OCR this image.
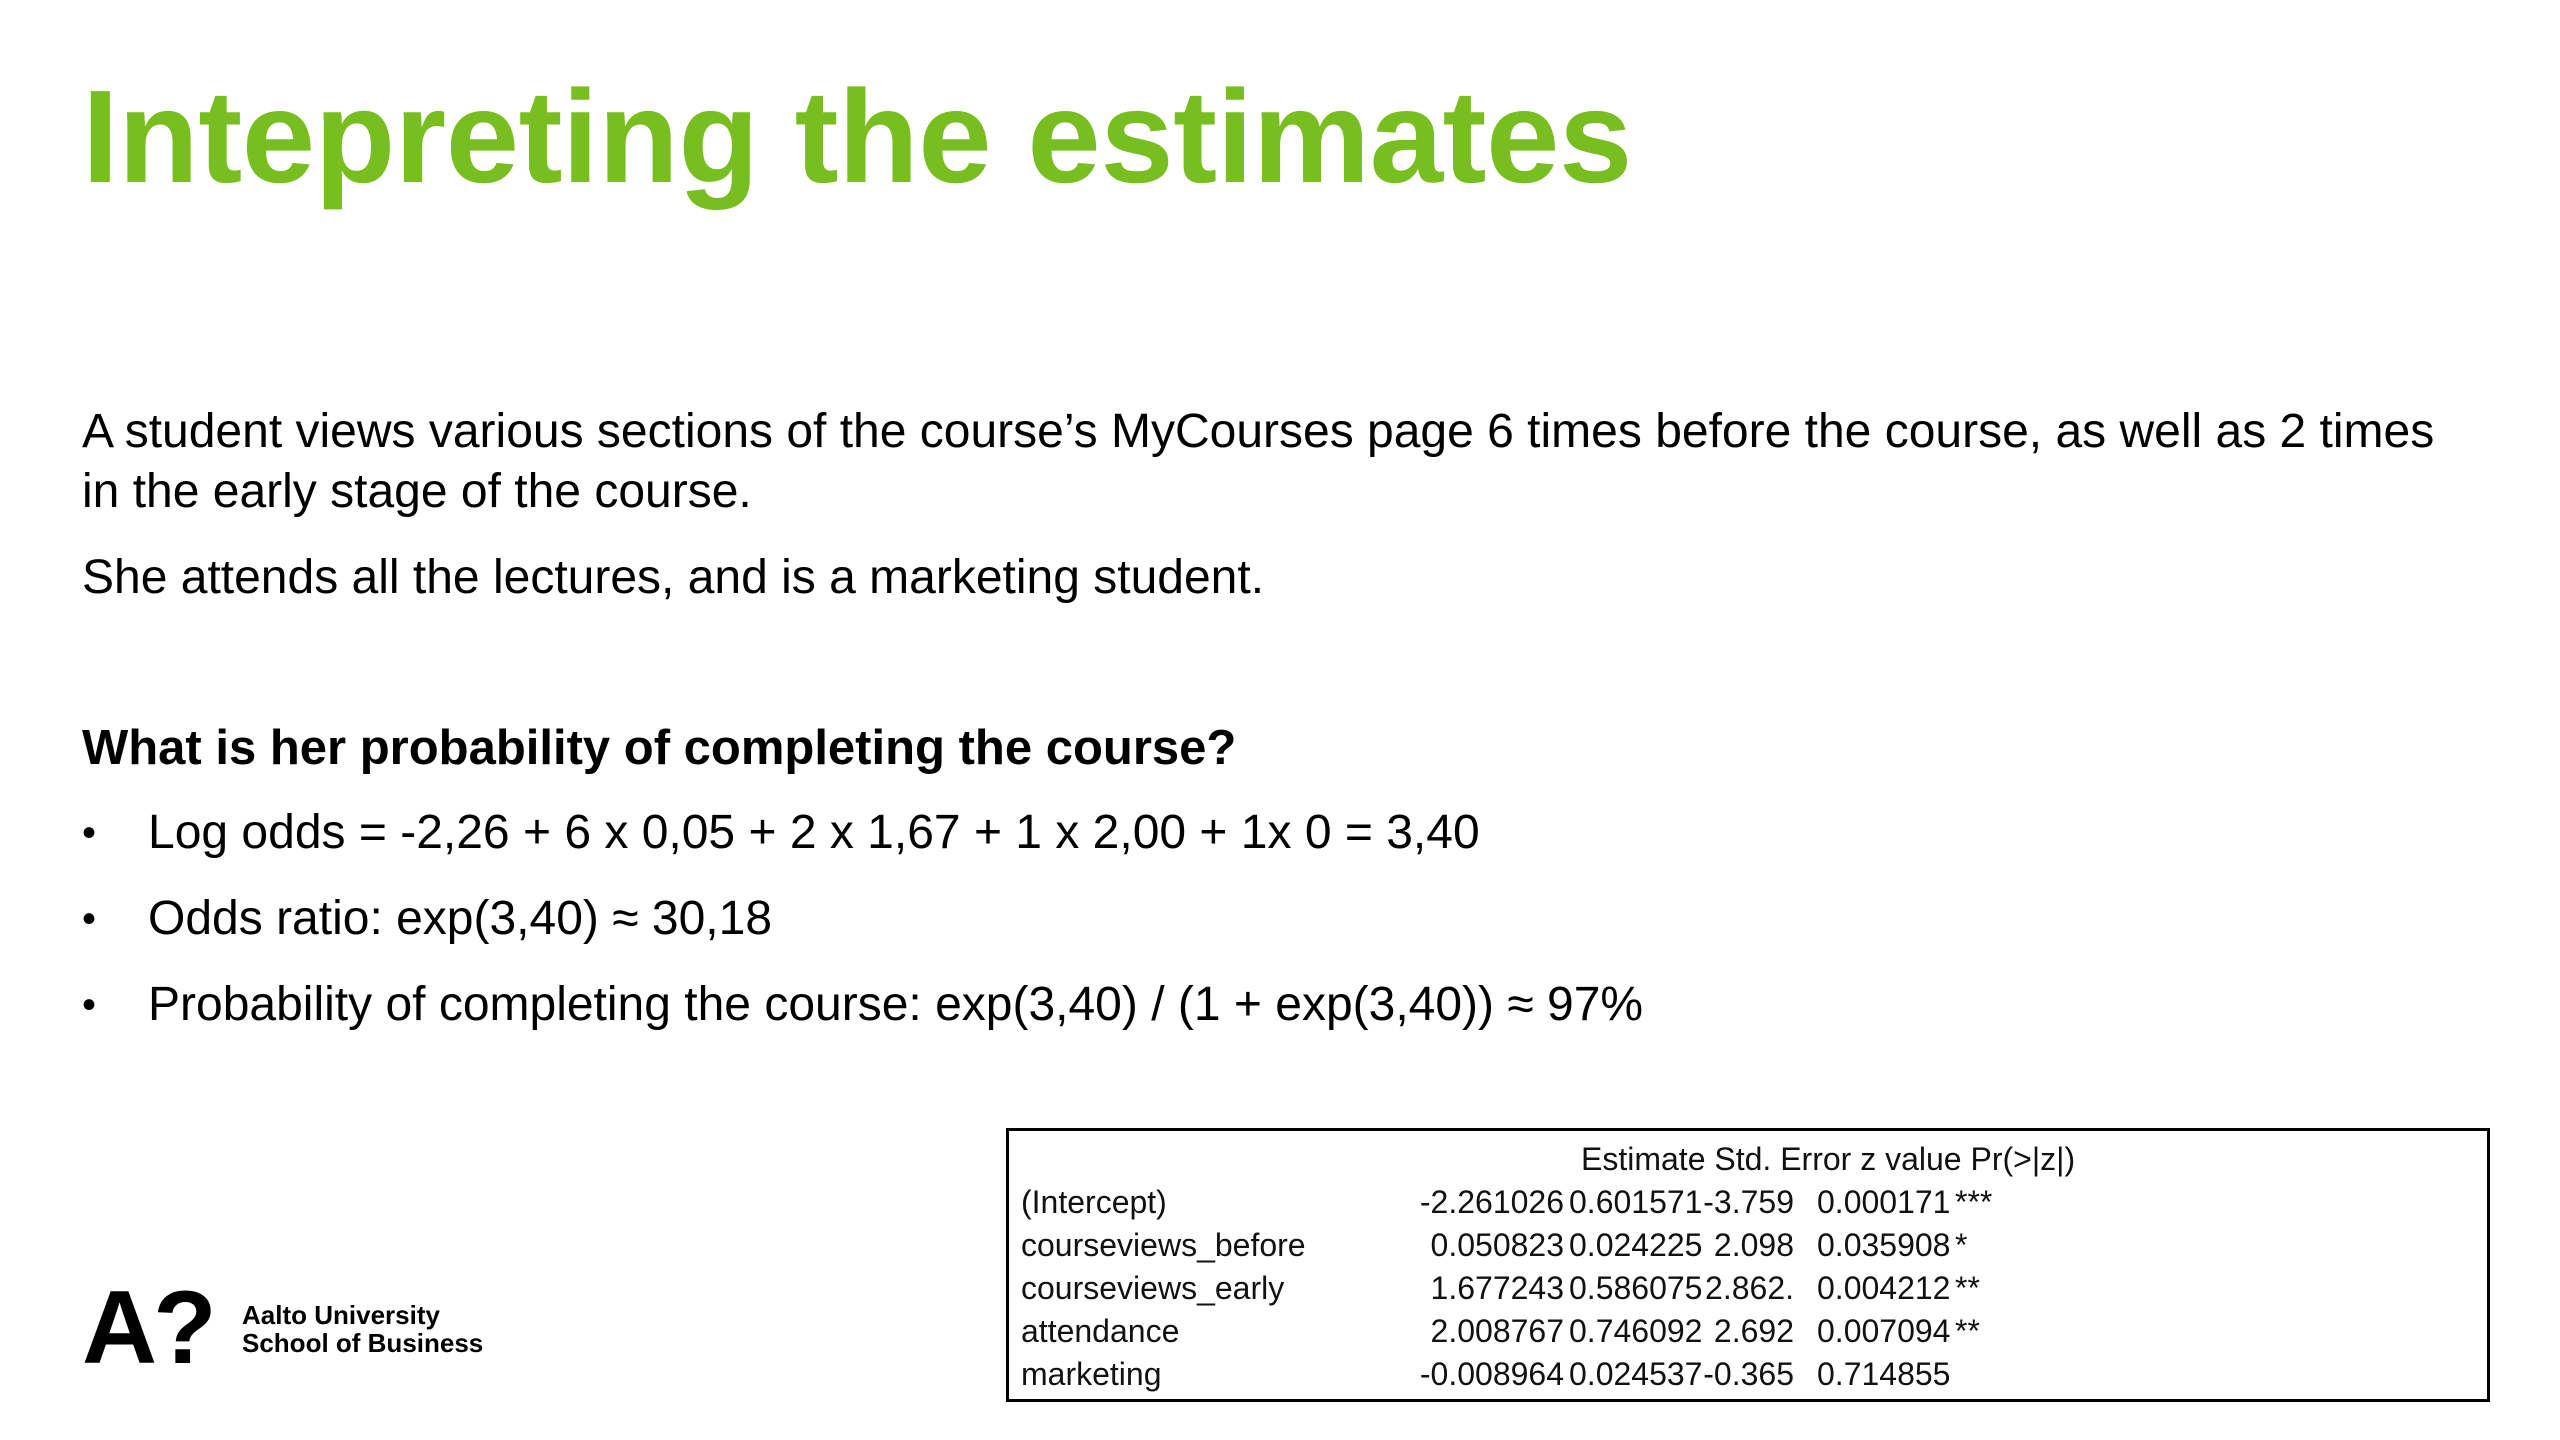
Intepreting the estimates

A student views various sections of the course’s MyCourses page 6 times before the course, as well as 2 times in the early stage of the course.

She attends all the lectures, and is a marketing student.

What is her probability of completing the course?

• Log odds = -2,26 + 6 x 0,05 + 2 x 1,67 + 1 x 2,00 + 1x 0 = 3,40
• Odds ratio: exp(3,40) ≈ 30,18
• Probability of completing the course: exp(3,40) / (1 + exp(3,40)) ≈ 97%
A? Aalto University
School of Business
Estimate Std. Error z value Pr(>|z|)
(Intercept)	-2.261026 0.601571 -3.759 0.000171 ***
courseviews_before	0.050823 0.024225 2.098 0.035908 *
courseviews_early	1.677243 0.586075 2.862. 0.004212 **
attendance	2.008767 0.746092 2.692 0.007094 **
marketing	-0.008964 0.024537 -0.365 0.714855
